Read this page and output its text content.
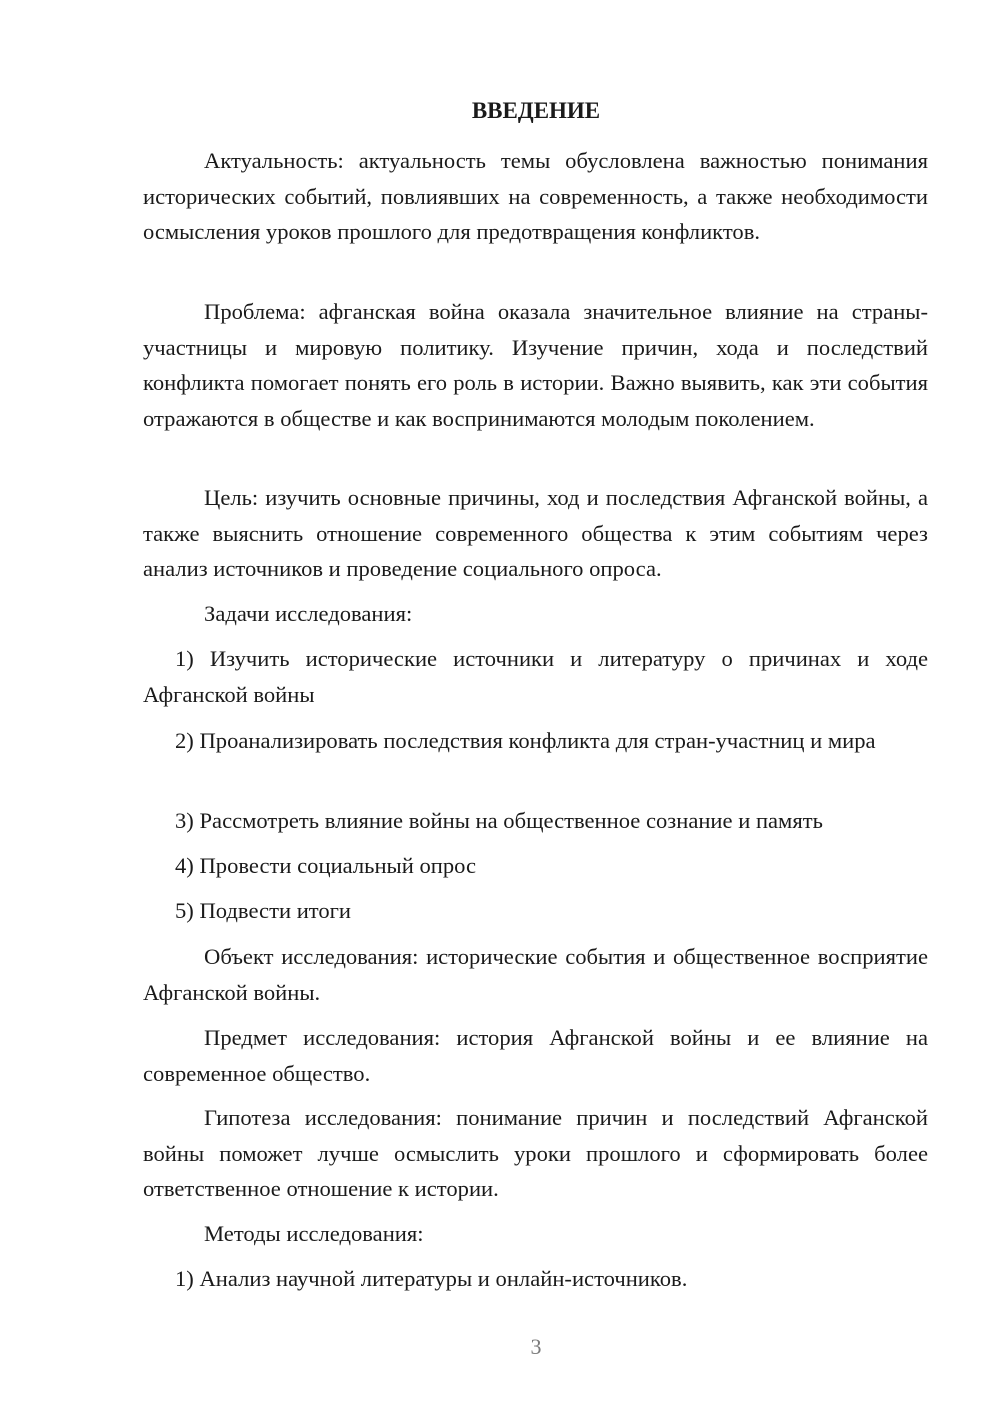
ВВЕДЕНИЕ

Актуальность: актуальность темы обусловлена важностью понимания исторических событий, повлиявших на современность, а также необходимости осмысления уроков прошлого для предотвращения конфликтов.

Проблема: афганская война оказала значительное влияние на страны-участницы и мировую политику. Изучение причин, хода и последствий конфликта помогает понять его роль в истории. Важно выявить, как эти события отражаются в обществе и как воспринимаются молодым поколением.

Цель: изучить основные причины, ход и последствия Афганской войны, а также выяснить отношение современного общества к этим событиям через анализ источников и проведение социального опроса.

Задачи исследования:

1) Изучить исторические источники и литературу о причинах и ходе Афганской войны

2) Проанализировать последствия конфликта для стран-участниц и мира

3) Рассмотреть влияние войны на общественное сознание и память

4) Провести социальный опрос

5) Подвести итоги

Объект исследования: исторические события и общественное восприятие Афганской войны.

Предмет исследования: история Афганской войны и ее влияние на современное общество.

Гипотеза исследования: понимание причин и последствий Афганской войны поможет лучше осмыслить уроки прошлого и сформировать более ответственное отношение к истории.

Методы исследования:

1) Анализ научной литературы и онлайн-источников.

3
